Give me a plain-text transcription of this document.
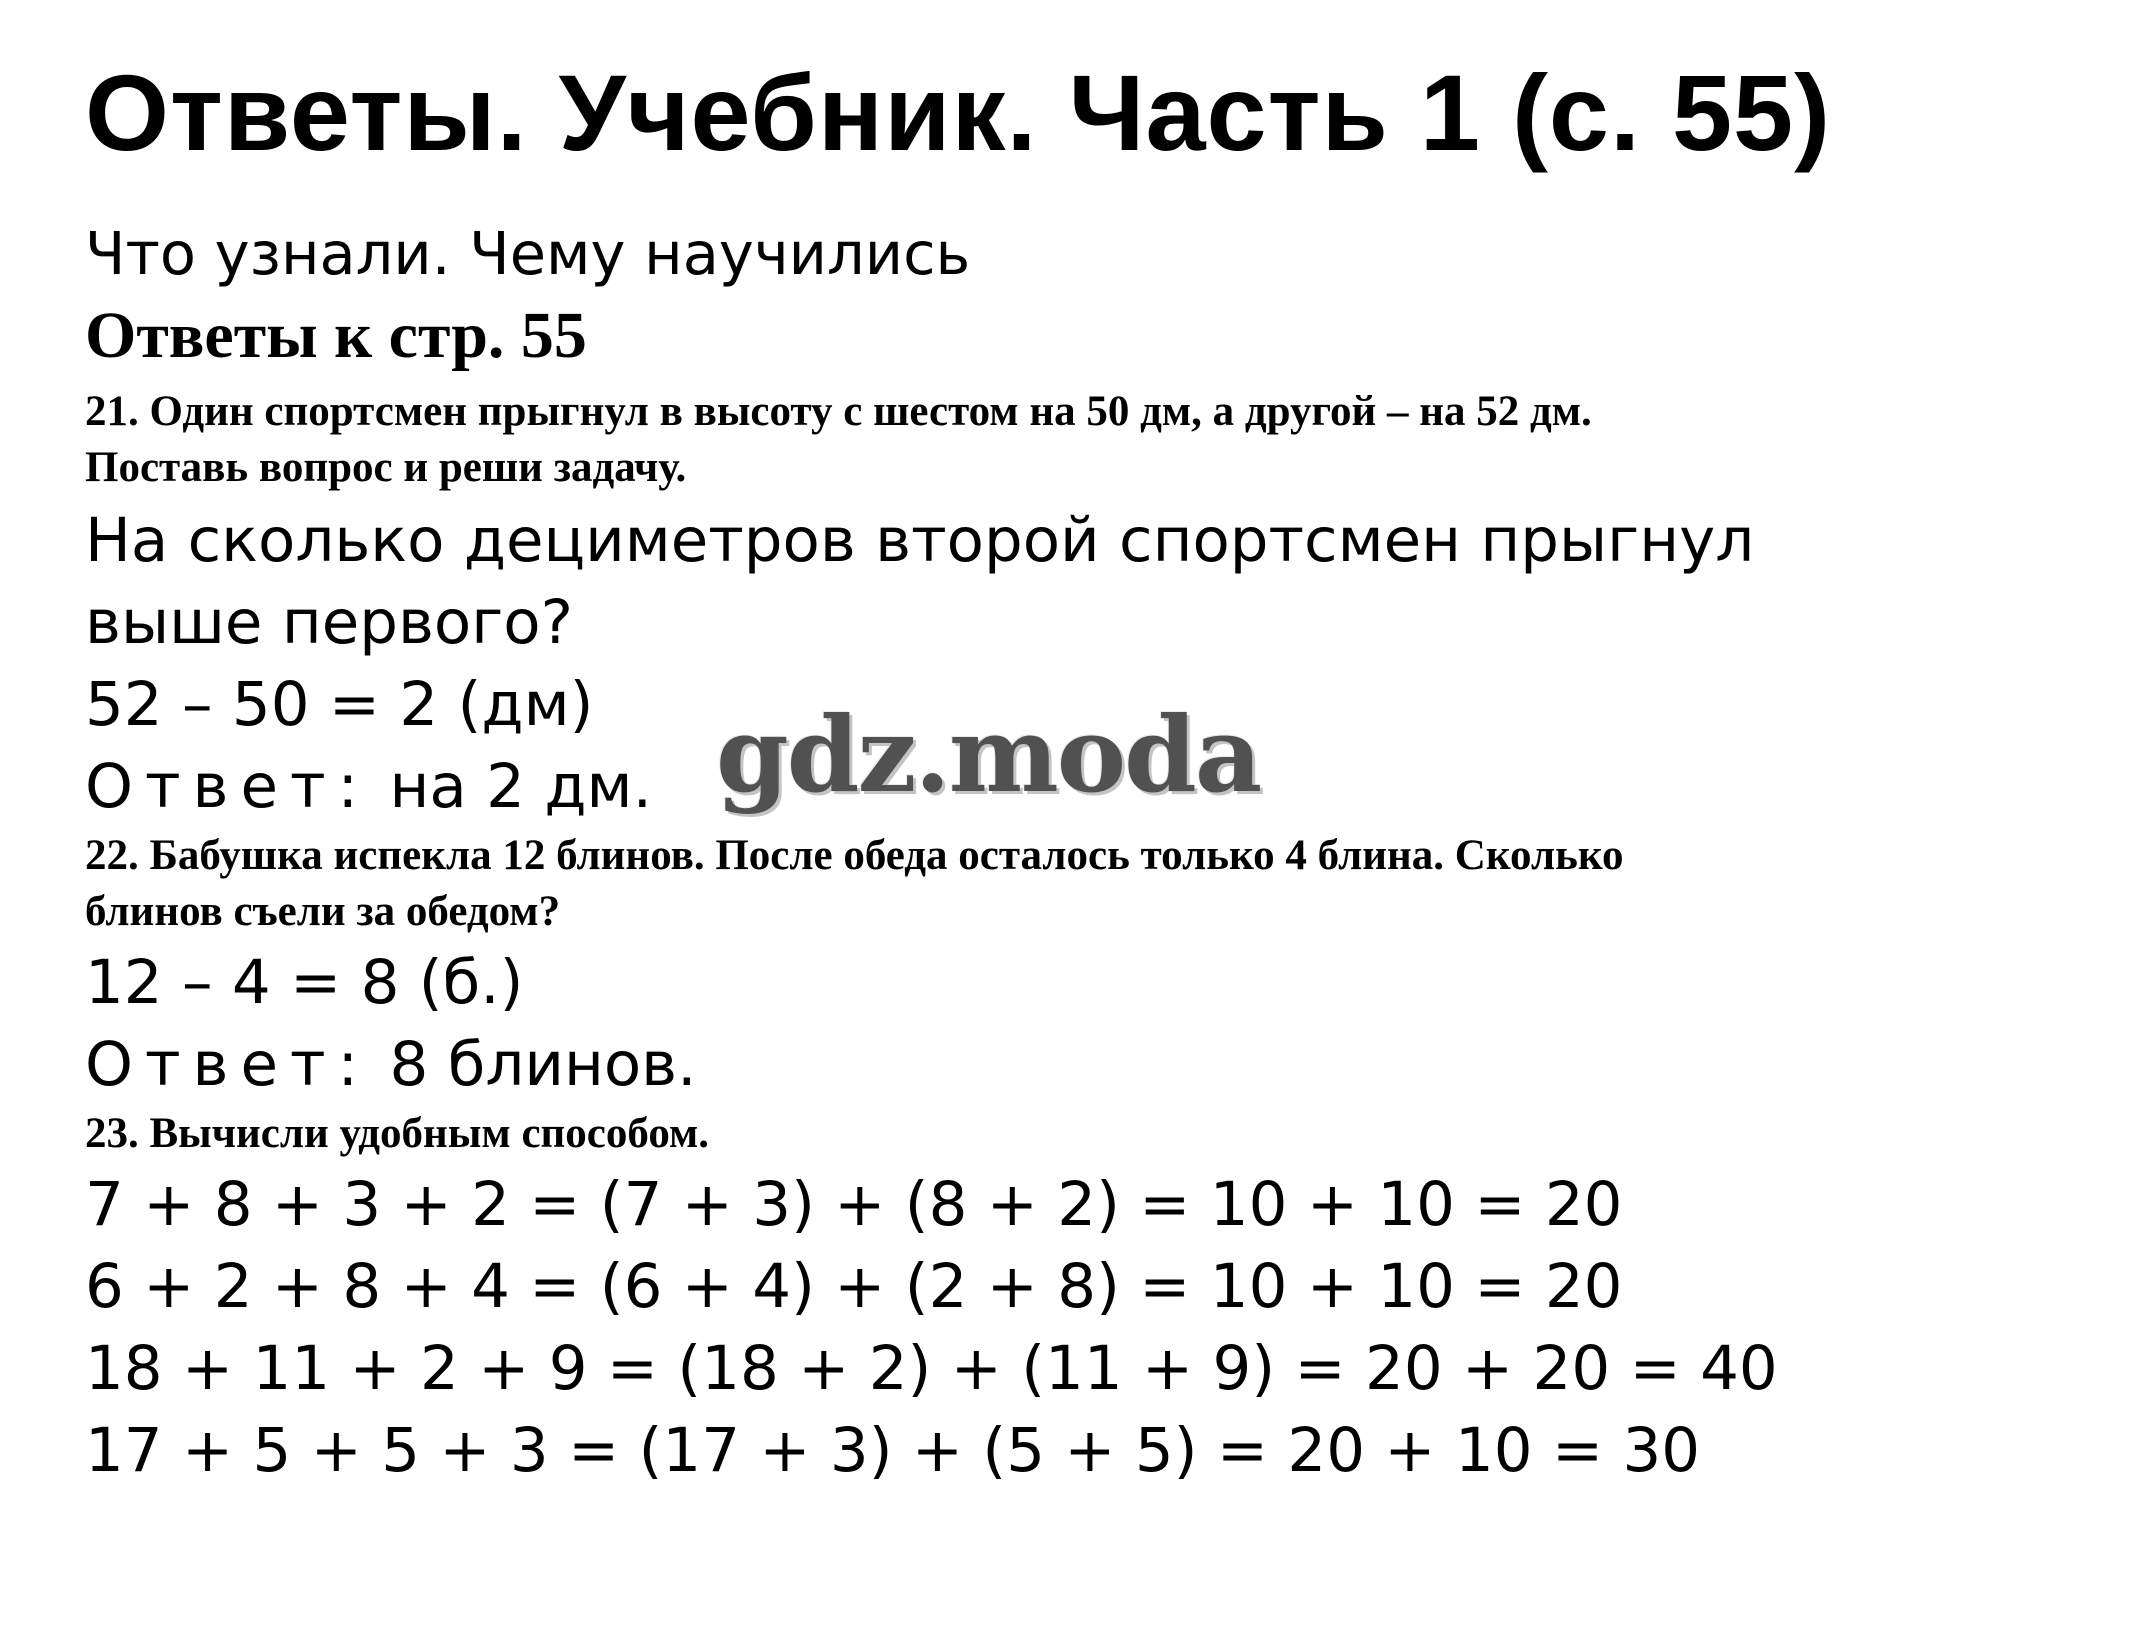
Ответы. Учебник. Часть 1 (с. 55)
Что узнали. Чему научились
Ответы к стр. 55
21. Один спортсмен прыгнул в высоту с шестом на 50 дм, а другой – на 52 дм.
Поставь вопрос и реши задачу.
На сколько дециметров второй спортсмен прыгнул
выше первого?
52 – 50 = 2 (дм)
Ответ: на 2 дм.
22. Бабушка испекла 12 блинов. После обеда осталось только 4 блина. Сколько
блинов съели за обедом?
12 – 4 = 8 (б.)
Ответ: 8 блинов.
23. Вычисли удобным способом.
7 + 8 + 3 + 2 = (7 + 3) + (8 + 2) = 10 + 10 = 20
6 + 2 + 8 + 4 = (6 + 4) + (2 + 8) = 10 + 10 = 20
18 + 11 + 2 + 9 = (18 + 2) + (11 + 9) = 20 + 20 = 40
17 + 5 + 5 + 3 = (17 + 3) + (5 + 5) = 20 + 10 = 30
gdz.moda
